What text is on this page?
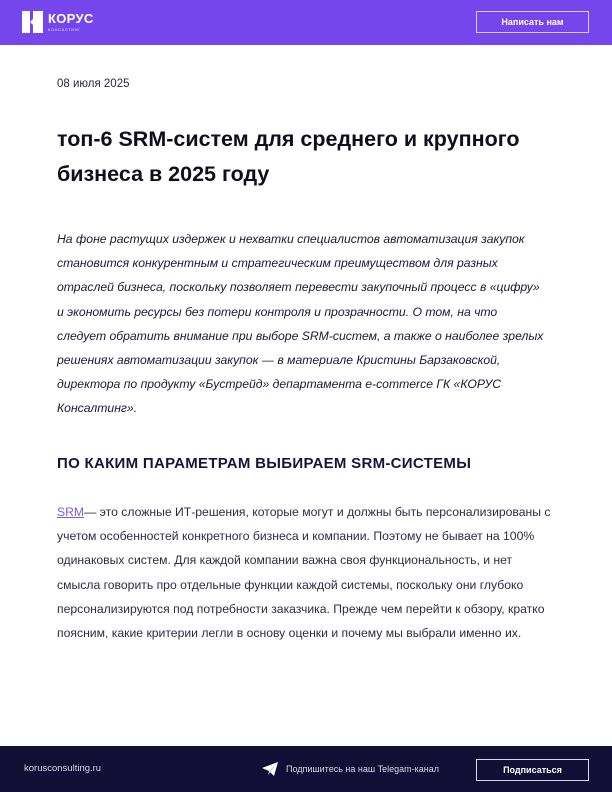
КОРУС
КОНСАЛТИНГ
Написать нам
08 июля 2025
топ-6 SRM-систем для среднего и крупного бизнеса в 2025 году

На фоне растущих издержек и нехватки специалистов автоматизация закупок становится конкурентным и стратегическим преимуществом для разных отраслей бизнеса, поскольку позволяет перевести закупочный процесс в «цифру» и экономить ресурсы без потери контроля и прозрачности. О том, на что следует обратить внимание при выборе SRM-систем, а также о наиболее зрелых решениях автоматизации закупок — в материале Кристины Барзаковской, директора по продукту «Бустрейд» департамента e-commerce ГК «КОРУС Консалтинг».

ПО КАКИМ ПАРАМЕТРАМ ВЫБИРАЕМ SRM-СИСТЕМЫ

SRM— это сложные ИТ-решения, которые могут и должны быть персонализированы с учетом особенностей конкретного бизнеса и компании. Поэтому не бывает на 100% одинаковых систем. Для каждой компании важна своя функциональность, и нет смысла говорить про отдельные функции каждой системы, поскольку они глубоко персонализируются под потребности заказчика. Прежде чем перейти к обзору, кратко поясним, какие критерии легли в основу оценки и почему мы выбрали именно их.

korusconsulting.ru	Подпишитесь на наш Telegam-канал	Подписаться
